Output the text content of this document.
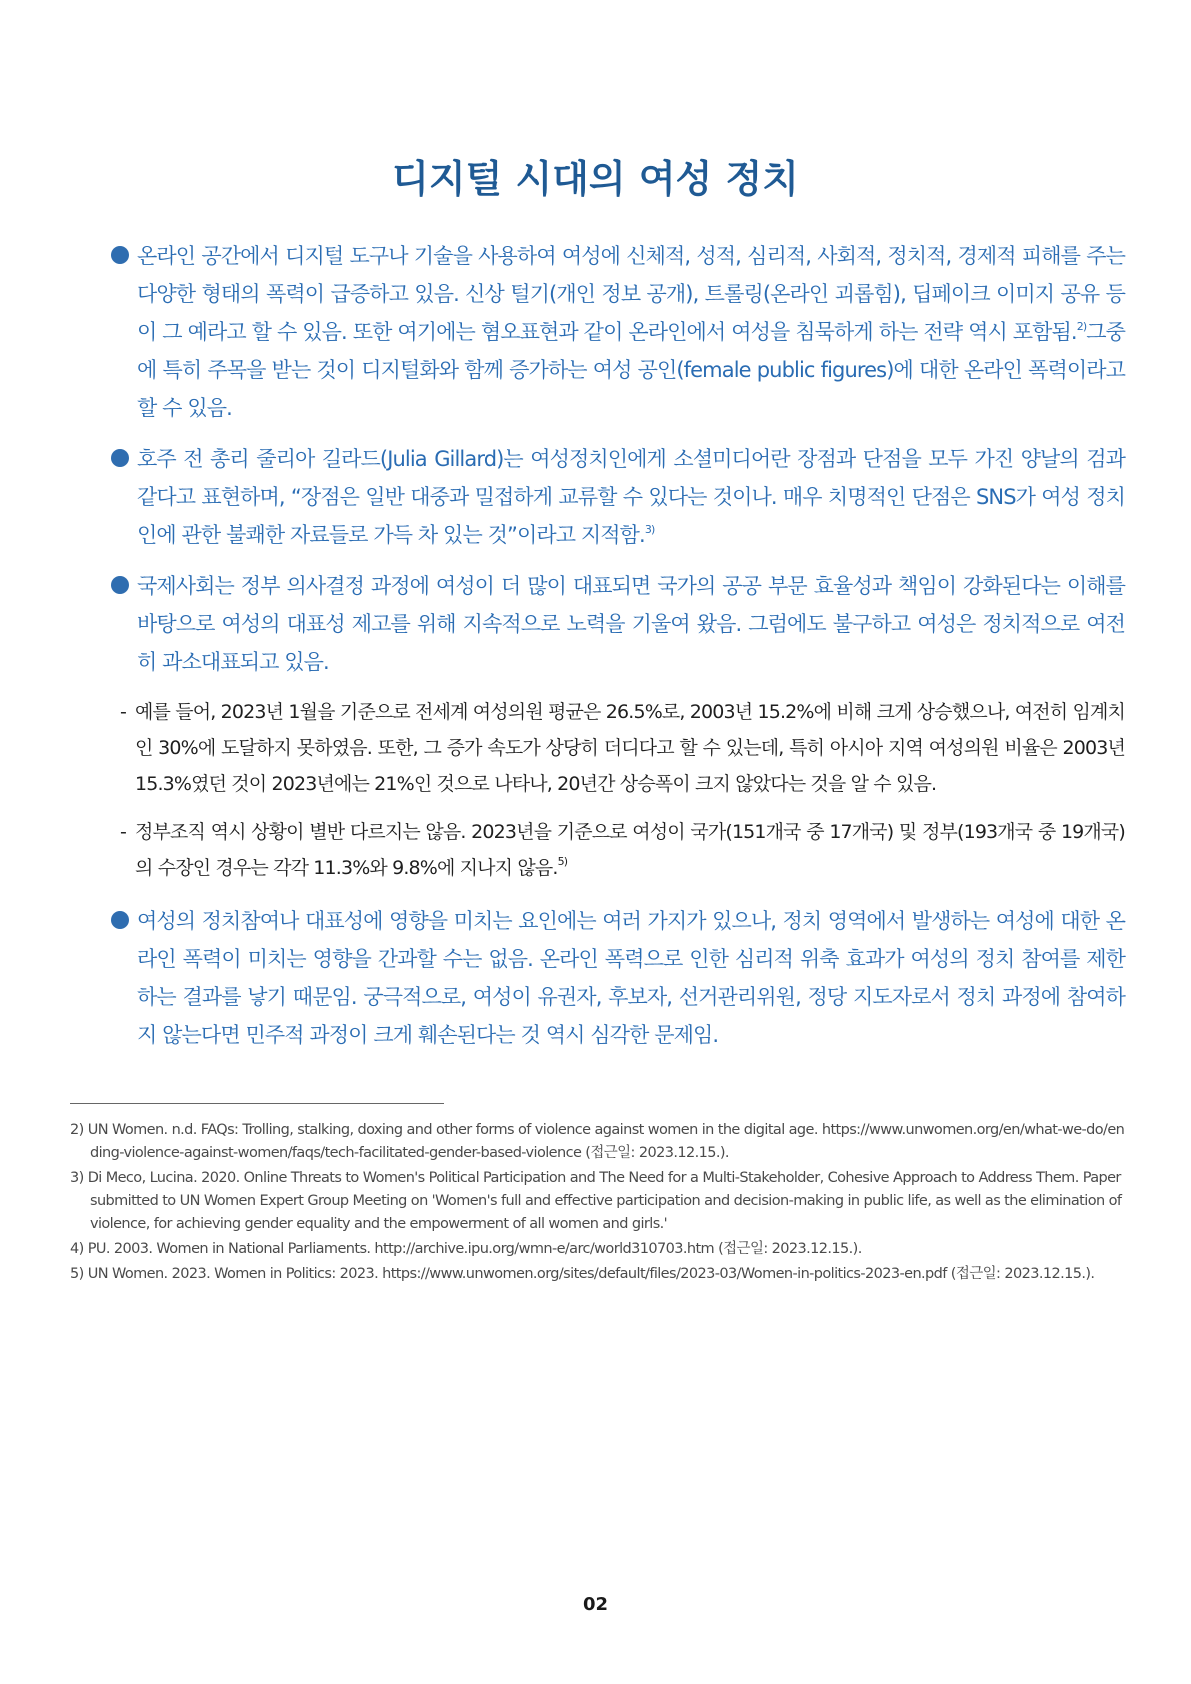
디지털 시대의 여성 정치
온라인 공간에서 디지털 도구나 기술을 사용하여 여성에 신체적, 성적, 심리적, 사회적, 정치적, 경제적 피해를 주는 다양한 형태의 폭력이 급증하고 있음. 신상 털기(개인 정보 공개), 트롤링(온라인 괴롭힘), 딥페이크 이미지 공유 등이 그 예라고 할 수 있음. 또한 여기에는 혐오표현과 같이 온라인에서 여성을 침묵하게 하는 전략 역시 포함됨.$^{2)}$그중에 특히 주목을 받는 것이 디지털화와 함께 증가하는 여성 공인(female public figures)에 대한 온라인 폭력이라고 할 수 있음.
호주 전 총리 줄리아 길라드(Julia Gillard)는 여성정치인에게 소셜미디어란 장점과 단점을 모두 가진 양날의 검과 같다고 표현하며, “장점은 일반 대중과 밀접하게 교류할 수 있다는 것이나. 매우 치명적인 단점은 SNS가 여성 정치인에 관한 불쾌한 자료들로 가득 차 있는 것”이라고 지적함.$^{3)}$
국제사회는 정부 의사결정 과정에 여성이 더 많이 대표되면 국가의 공공 부문 효율성과 책임이 강화된다는 이해를 바탕으로 여성의 대표성 제고를 위해 지속적으로 노력을 기울여 왔음. 그럼에도 불구하고 여성은 정치적으로 여전히 과소대표되고 있음.
- 예를 들어, 2023년 1월을 기준으로 전세계 여성의원 평균은 26.5%로, 2003년 15.2%에 비해 크게 상승했으나, 여전히 임계치인 30%에 도달하지 못하였음. 또한, 그 증가 속도가 상당히 더디다고 할 수 있는데, 특히 아시아 지역 여성의원 비율은 2003년 15.3%였던 것이 2023년에는 21%인 것으로 나타나, 20년간 상승폭이 크지 않았다는 것을 알 수 있음.
- 정부조직 역시 상황이 별반 다르지는 않음. 2023년을 기준으로 여성이 국가(151개국 중 17개국) 및 정부(193개국 중 19개국)의 수장인 경우는 각각 11.3%와 9.8%에 지나지 않음.$^{5)}$
여성의 정치참여나 대표성에 영향을 미치는 요인에는 여러 가지가 있으나, 정치 영역에서 발생하는 여성에 대한 온라인 폭력이 미치는 영향을 간과할 수는 없음. 온라인 폭력으로 인한 심리적 위축 효과가 여성의 정치 참여를 제한하는 결과를 낳기 때문임. 궁극적으로, 여성이 유권자, 후보자, 선거관리위원, 정당 지도자로서 정치 과정에 참여하지 않는다면 민주적 과정이 크게 훼손된다는 것 역시 심각한 문제임.

2) UN Women. n.d. FAQs: Trolling, stalking, doxing and other forms of violence against women in the digital age. https://www.unwomen.org/en/what-we-do/ending-violence-against-women/faqs/tech-facilitated-gender-based-violence (접근일: 2023.12.15.).

3) Di Meco, Lucina. 2020. Online Threats to Women's Political Participation and The Need for a Multi-Stakeholder, Cohesive Approach to Address Them. Paper submitted to UN Women Expert Group Meeting on 'Women's full and effective participation and decision-making in public life, as well as the elimination of violence, for achieving gender equality and the empowerment of all women and girls.'

4) PU. 2003. Women in National Parliaments. http://archive.ipu.org/wmn-e/arc/world310703.htm (접근일: 2023.12.15.).

5) UN Women. 2023. Women in Politics: 2023. https://www.unwomen.org/sites/default/files/2023-03/Women-in-politics-2023-en.pdf (접근일: 2023.12.15.).

02
